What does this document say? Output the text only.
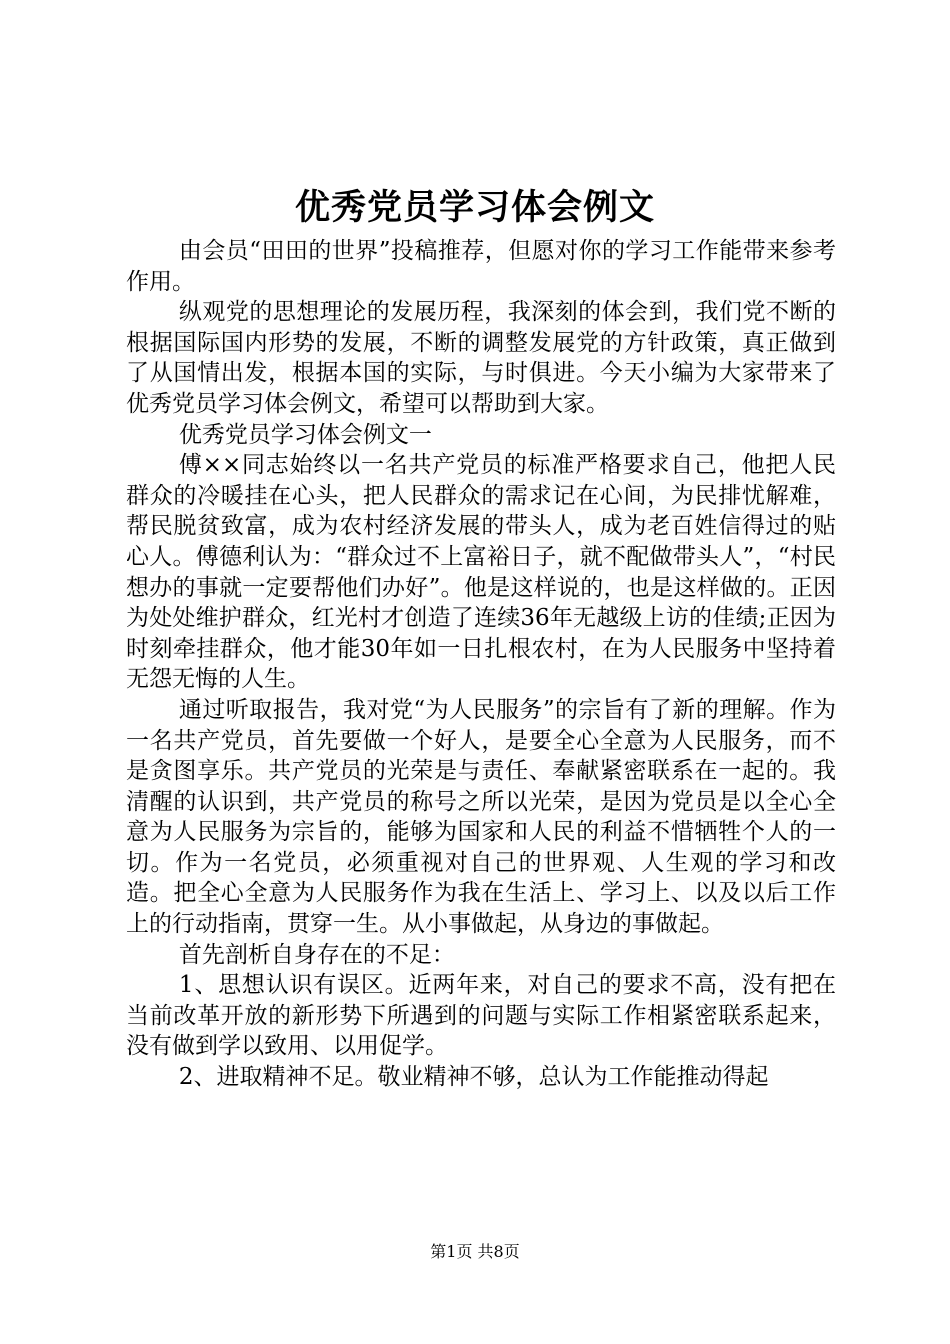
优秀党员学习体会例文

由会员“田田的世界”投稿推荐，但愿对你的学习工作能带来参考作用。

纵观党的思想理论的发展历程，我深刻的体会到，我们党不断的根据国际国内形势的发展，不断的调整发展党的方针政策，真正做到了从国情出发，根据本国的实际，与时俱进。今天小编为大家带来了优秀党员学习体会例文，希望可以帮助到大家。

优秀党员学习体会例文一

傅××同志始终以一名共产党员的标准严格要求自己，他把人民群众的冷暖挂在心头，把人民群众的需求记在心间，为民排忧解难，帮民脱贫致富，成为农村经济发展的带头人，成为老百姓信得过的贴心人。傅德利认为：“群众过不上富裕日子，就不配做带头人”，“村民想办的事就一定要帮他们办好”。他是这样说的，也是这样做的。正因为处处维护群众，红光村才创造了连续36年无越级上访的佳绩;正因为时刻牵挂群众，他才能30年如一日扎根农村，在为人民服务中坚持着无怨无悔的人生。

通过听取报告，我对党“为人民服务”的宗旨有了新的理解。作为一名共产党员，首先要做一个好人，是要全心全意为人民服务，而不是贪图享乐。共产党员的光荣是与责任、奉献紧密联系在一起的。我清醒的认识到，共产党员的称号之所以光荣，是因为党员是以全心全意为人民服务为宗旨的，能够为国家和人民的利益不惜牺牲个人的一切。作为一名党员，必须重视对自己的世界观、人生观的学习和改造。把全心全意为人民服务作为我在生活上、学习上、以及以后工作上的行动指南，贯穿一生。从小事做起，从身边的事做起。

首先剖析自身存在的不足：

1、思想认识有误区。近两年来，对自己的要求不高，没有把在当前改革开放的新形势下所遇到的问题与实际工作相紧密联系起来，没有做到学以致用、以用促学。

2、进取精神不足。敬业精神不够，总认为工作能推动得起

第1页 共8页
